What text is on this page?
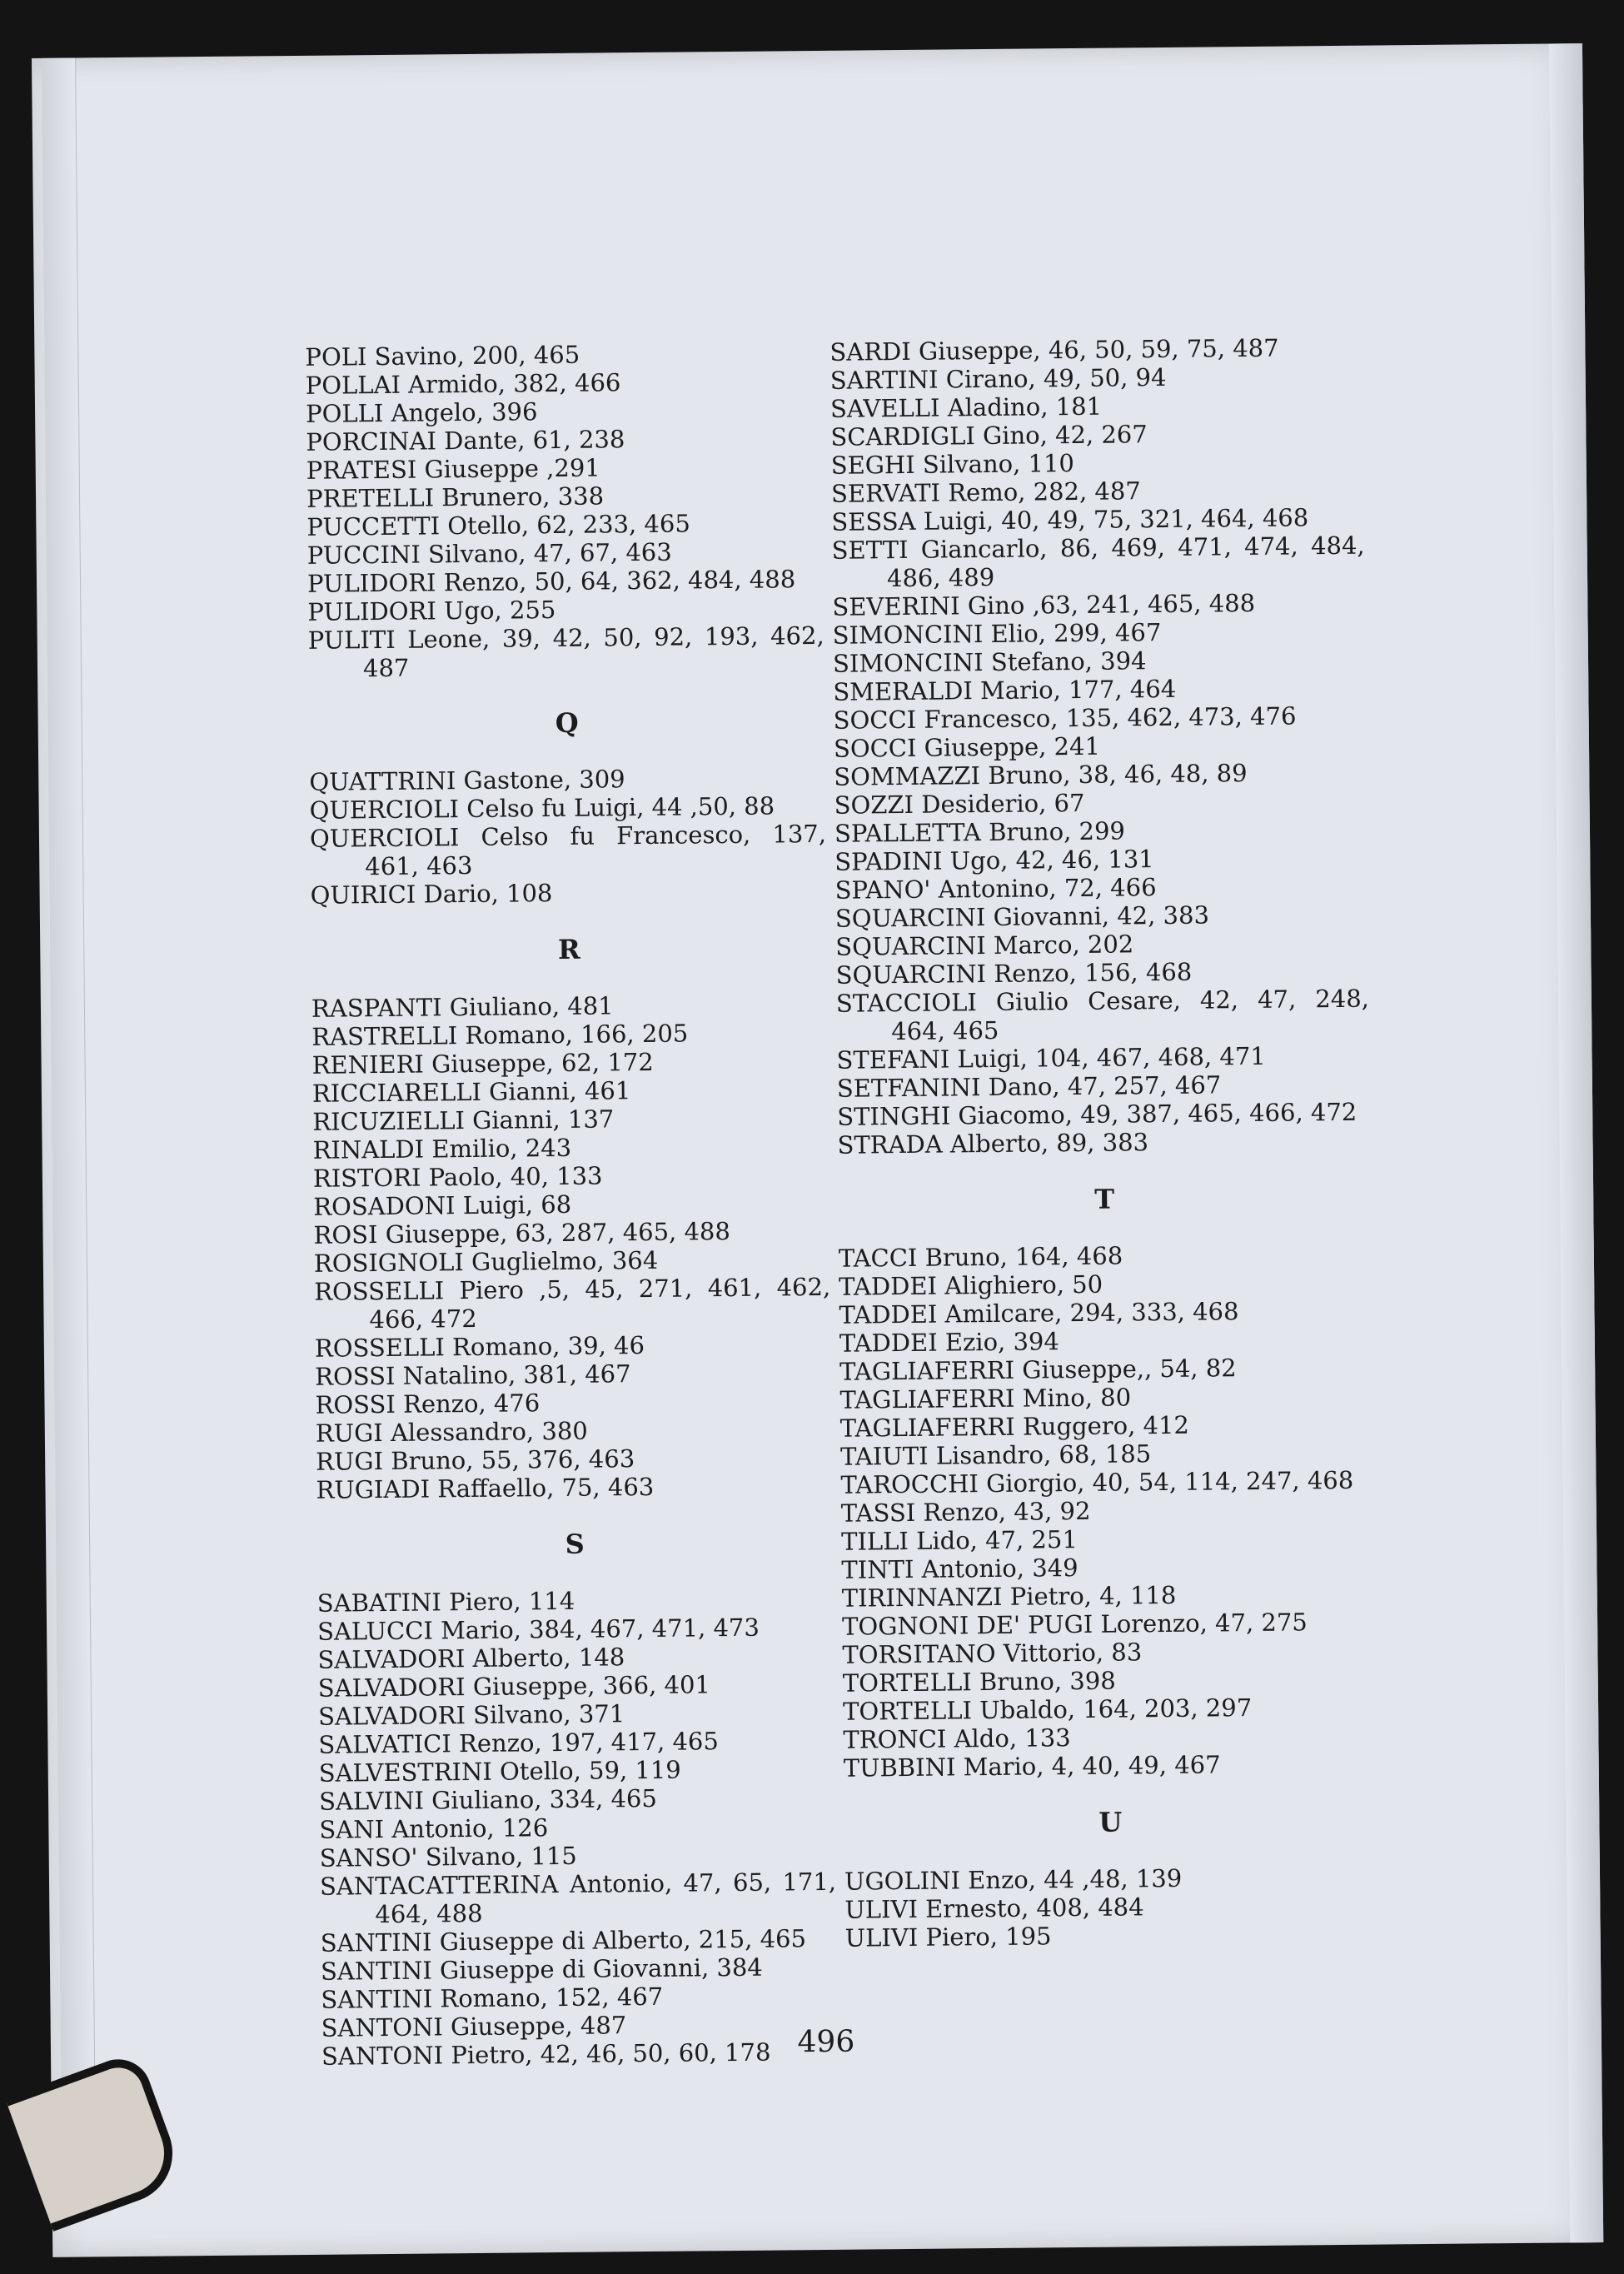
POLI Savino, 200, 465
POLLAI Armido, 382, 466
POLLI Angelo, 396
PORCINAI Dante, 61, 238
PRATESI Giuseppe ,291
PRETELLI Brunero, 338
PUCCETTI Otello, 62, 233, 465
PUCCINI Silvano, 47, 67, 463
PULIDORI Renzo, 50, 64, 362, 484, 488
PULIDORI Ugo, 255
PULITI Leone, 39, 42, 50, 92, 193, 462, 487
Q
QUATTRINI Gastone, 309
QUERCIOLI Celso fu Luigi, 44 ,50, 88
QUERCIOLI Celso fu Francesco, 137, 461, 463
QUIRICI Dario, 108
R
RASPANTI Giuliano, 481
RASTRELLI Romano, 166, 205
RENIERI Giuseppe, 62, 172
RICCIARELLI Gianni, 461
RICUZIELLI Gianni, 137
RINALDI Emilio, 243
RISTORI Paolo, 40, 133
ROSADONI Luigi, 68
ROSI Giuseppe, 63, 287, 465, 488
ROSIGNOLI Guglielmo, 364
ROSSELLI Piero ,5, 45, 271, 461, 462, 466, 472
ROSSELLI Romano, 39, 46
ROSSI Natalino, 381, 467
ROSSI Renzo, 476
RUGI Alessandro, 380
RUGI Bruno, 55, 376, 463
RUGIADI Raffaello, 75, 463
S
SABATINI Piero, 114
SALUCCI Mario, 384, 467, 471, 473
SALVADORI Alberto, 148
SALVADORI Giuseppe, 366, 401
SALVADORI Silvano, 371
SALVATICI Renzo, 197, 417, 465
SALVESTRINI Otello, 59, 119
SALVINI Giuliano, 334, 465
SANI Antonio, 126
SANSO' Silvano, 115
SANTACATTERINA Antonio, 47, 65, 171, 464, 488
SANTINI Giuseppe di Alberto, 215, 465
SANTINI Giuseppe di Giovanni, 384
SANTINI Romano, 152, 467
SANTONI Giuseppe, 487
SANTONI Pietro, 42, 46, 50, 60, 178
SARDI Giuseppe, 46, 50, 59, 75, 487
SARTINI Cirano, 49, 50, 94
SAVELLI Aladino, 181
SCARDIGLI Gino, 42, 267
SEGHI Silvano, 110
SERVATI Remo, 282, 487
SESSA Luigi, 40, 49, 75, 321, 464, 468
SETTI Giancarlo, 86, 469, 471, 474, 484, 486, 489
SEVERINI Gino ,63, 241, 465, 488
SIMONCINI Elio, 299, 467
SIMONCINI Stefano, 394
SMERALDI Mario, 177, 464
SOCCI Francesco, 135, 462, 473, 476
SOCCI Giuseppe, 241
SOMMAZZI Bruno, 38, 46, 48, 89
SOZZI Desiderio, 67
SPALLETTA Bruno, 299
SPADINI Ugo, 42, 46, 131
SPANO' Antonino, 72, 466
SQUARCINI Giovanni, 42, 383
SQUARCINI Marco, 202
SQUARCINI Renzo, 156, 468
STACCIOLI Giulio Cesare, 42, 47, 248, 464, 465
STEFANI Luigi, 104, 467, 468, 471
SETFANINI Dano, 47, 257, 467
STINGHI Giacomo, 49, 387, 465, 466, 472
STRADA Alberto, 89, 383
T
TACCI Bruno, 164, 468
TADDEI Alighiero, 50
TADDEI Amilcare, 294, 333, 468
TADDEI Ezio, 394
TAGLIAFERRI Giuseppe,, 54, 82
TAGLIAFERRI Mino, 80
TAGLIAFERRI Ruggero, 412
TAIUTI Lisandro, 68, 185
TAROCCHI Giorgio, 40, 54, 114, 247, 468
TASSI Renzo, 43, 92
TILLI Lido, 47, 251
TINTI Antonio, 349
TIRINNANZI Pietro, 4, 118
TOGNONI DE' PUGI Lorenzo, 47, 275
TORSITANO Vittorio, 83
TORTELLI Bruno, 398
TORTELLI Ubaldo, 164, 203, 297
TRONCI Aldo, 133
TUBBINI Mario, 4, 40, 49, 467
U
UGOLINI Enzo, 44 ,48, 139
ULIVI Ernesto, 408, 484
ULIVI Piero, 195
496
